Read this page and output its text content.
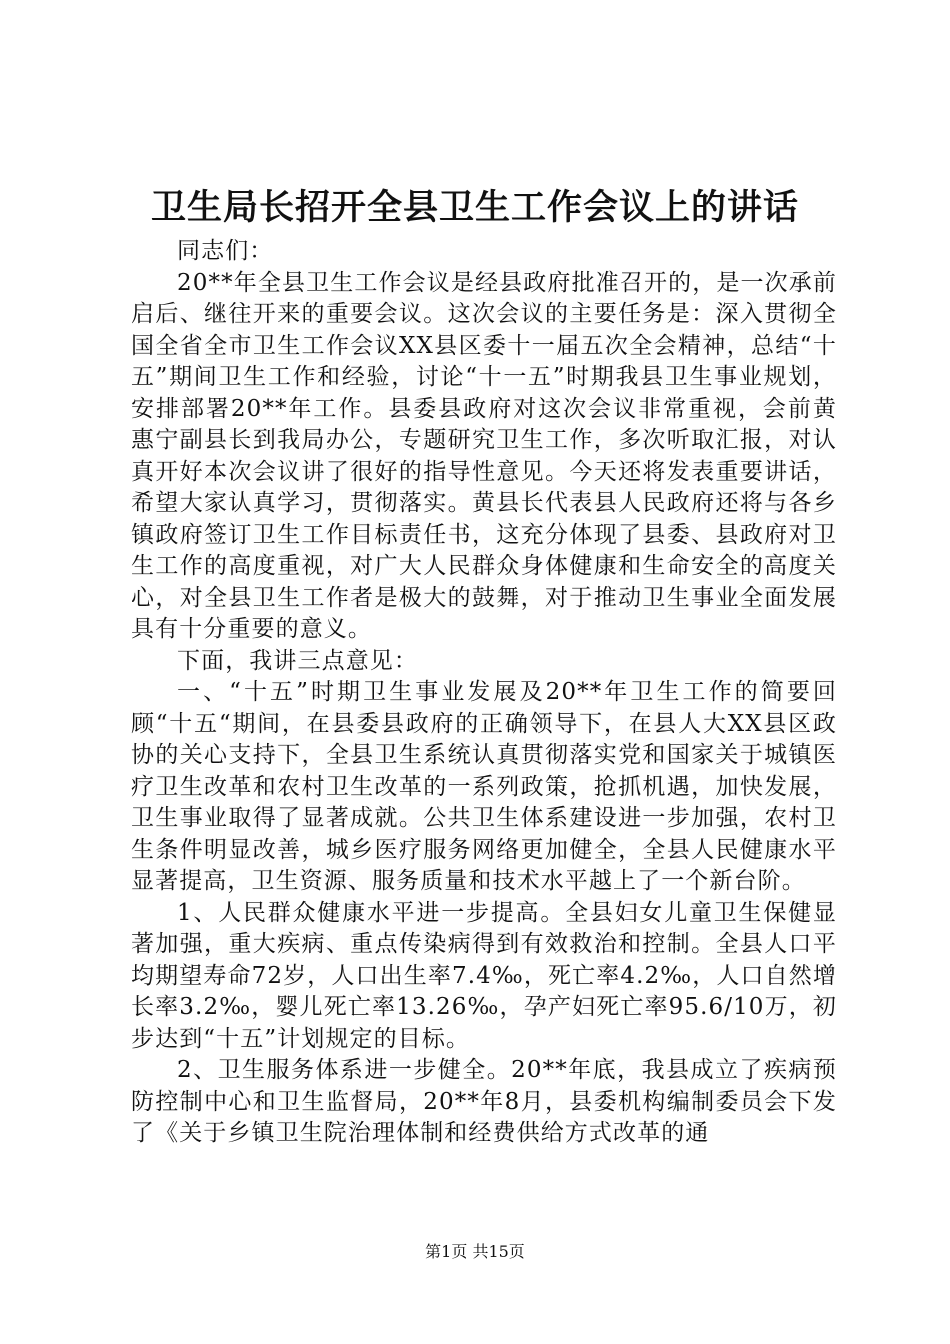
卫生局长招开全县卫生工作会议上的讲话

同志们：

20**年全县卫生工作会议是经县政府批准召开的，是一次承前启后、继往开来的重要会议。这次会议的主要任务是：深入贯彻全国全省全市卫生工作会议XX县区委十一届五次全会精神，总结“十五”期间卫生工作和经验，讨论“十一五”时期我县卫生事业规划，安排部署20**年工作。县委县政府对这次会议非常重视，会前黄惠宁副县长到我局办公，专题研究卫生工作，多次听取汇报，对认真开好本次会议讲了很好的指导性意见。今天还将发表重要讲话，希望大家认真学习，贯彻落实。黄县长代表县人民政府还将与各乡镇政府签订卫生工作目标责任书，这充分体现了县委、县政府对卫生工作的高度重视，对广大人民群众身体健康和生命安全的高度关心，对全县卫生工作者是极大的鼓舞，对于推动卫生事业全面发展具有十分重要的意义。

下面，我讲三点意见：

一、“十五”时期卫生事业发展及20**年卫生工作的简要回顾“十五“期间，在县委县政府的正确领导下，在县人大XX县区政协的关心支持下，全县卫生系统认真贯彻落实党和国家关于城镇医疗卫生改革和农村卫生改革的一系列政策，抢抓机遇，加快发展，卫生事业取得了显著成就。公共卫生体系建设进一步加强，农村卫生条件明显改善，城乡医疗服务网络更加健全，全县人民健康水平显著提高，卫生资源、服务质量和技术水平越上了一个新台阶。

1、人民群众健康水平进一步提高。全县妇女儿童卫生保健显著加强，重大疾病、重点传染病得到有效救治和控制。全县人口平均期望寿命72岁，人口出生率7.4‰，死亡率4.2‰，人口自然增长率3.2‰，婴儿死亡率13.26‰，孕产妇死亡率95.6/10万，初步达到“十五”计划规定的目标。

2、卫生服务体系进一步健全。20**年底，我县成立了疾病预防控制中心和卫生监督局，20**年8月，县委机构编制委员会下发了《关于乡镇卫生院治理体制和经费供给方式改革的通

第1页 共15页
